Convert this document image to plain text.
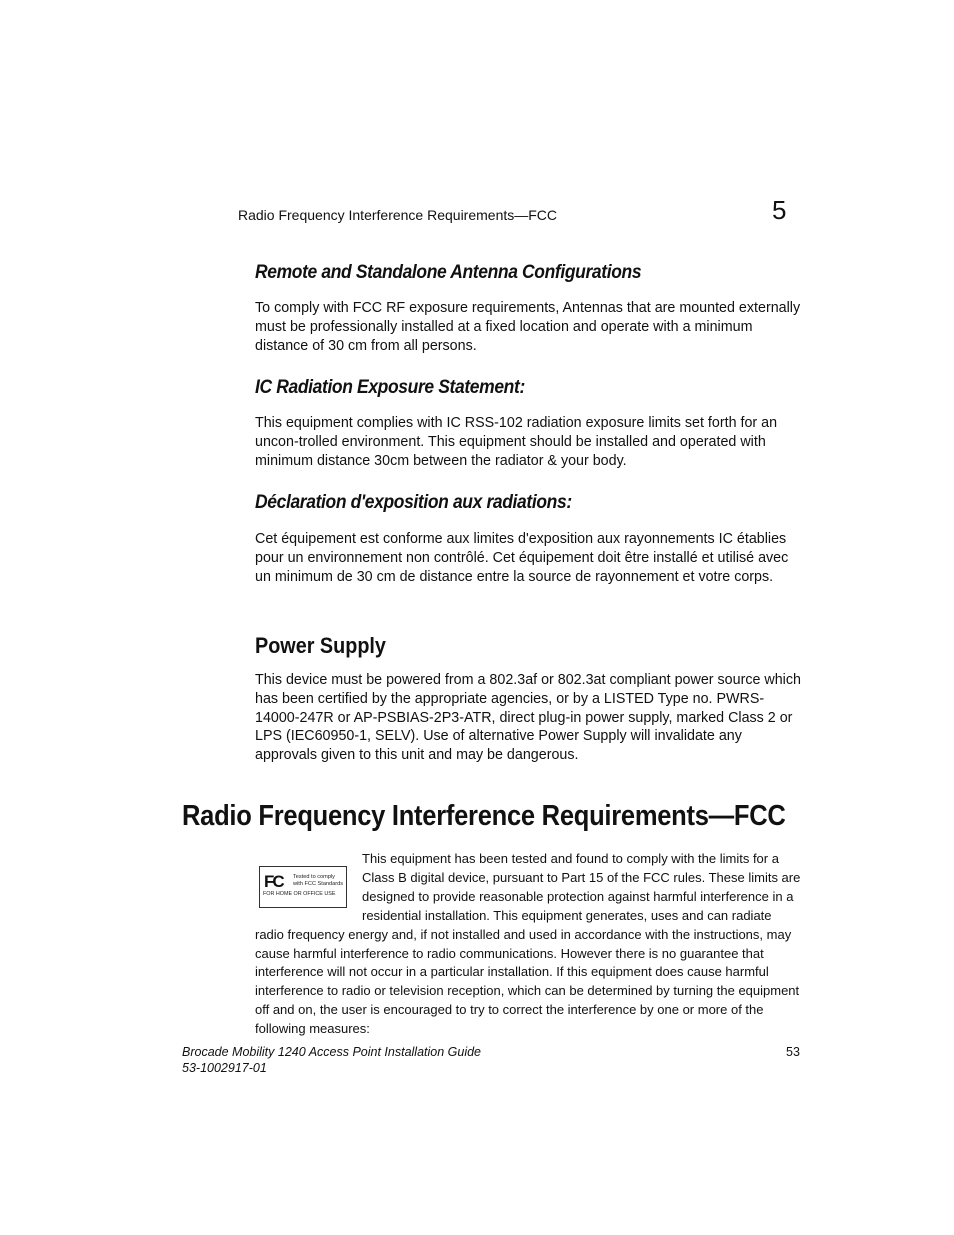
Radio Frequency Interference Requirements—FCC	5
Remote and Standalone Antenna Configurations

To comply with FCC RF exposure requirements, Antennas that are mounted externally must be professionally installed at a fixed location and operate with a minimum distance of 30 cm from all persons.

IC Radiation Exposure Statement:

This equipment complies with IC RSS-102 radiation exposure limits set forth for an uncon-trolled environment. This equipment should be installed and operated with minimum distance 30cm between the radiator & your body.

Déclaration d'exposition aux radiations:

Cet équipement est conforme aux limites d'exposition aux rayonnements IC établies pour un environnement non contrôlé. Cet équipement doit être installé et utilisé avec un minimum de 30 cm de distance entre la source de rayonnement et votre corps.

Power Supply

This device must be powered from a 802.3af or 802.3at compliant power source which has been certified by the appropriate agencies, or by a LISTED Type no. PWRS-14000-247R or AP-PSBIAS-2P3-ATR, direct plug-in power supply, marked Class 2 or LPS (IEC60950-1, SELV). Use of alternative Power Supply will invalidate any approvals given to this unit and may be dangerous.

Radio Frequency Interference Requirements—FCC
FC Tested to comply with FCC Standards
FOR HOME OR OFFICE USE
This equipment has been tested and found to comply with the limits for a Class B digital device, pursuant to Part 15 of the FCC rules. These limits are designed to provide reasonable protection against harmful interference in a residential installation. This equipment generates, uses and can radiate radio frequency energy and, if not installed and used in accordance with the instructions, may cause harmful interference to radio communications. However there is no guarantee that interference will not occur in a particular installation. If this equipment does cause harmful interference to radio or television reception, which can be determined by turning the equipment off and on, the user is encouraged to try to correct the interference by one or more of the following measures:
Brocade Mobility 1240 Access Point Installation Guide
53-1002917-01
53
